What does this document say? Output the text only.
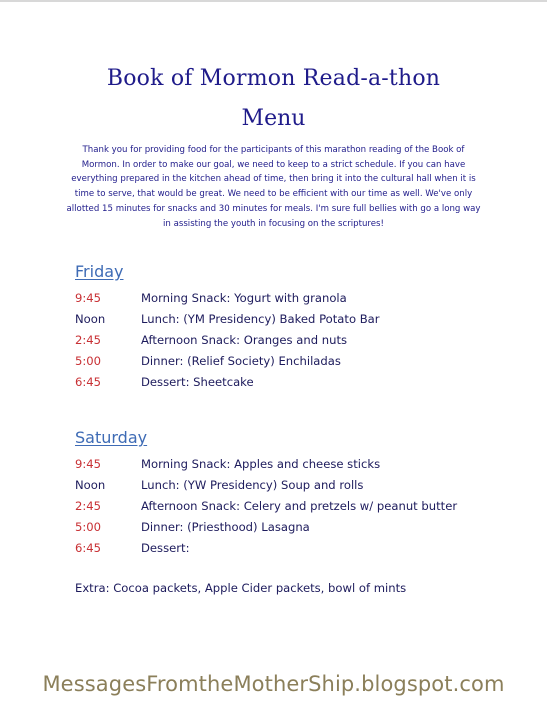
Book of Mormon Read-a-thon
Menu
Thank you for providing food for the participants of this marathon reading of the Book of Mormon. In order to make our goal, we need to keep to a strict schedule. If you can have everything prepared in the kitchen ahead of time, then bring it into the cultural hall when it is time to serve, that would be great. We need to be efficient with our time as well. We've only allotted 15 minutes for snacks and 30 minutes for meals. I'm sure full bellies with go a long way in assisting the youth in focusing on the scriptures!
Friday
9:45	Morning Snack: Yogurt with granola
Noon	Lunch: (YM Presidency) Baked Potato Bar
2:45	Afternoon Snack: Oranges and nuts
5:00	Dinner: (Relief Society) Enchiladas
6:45	Dessert: Sheetcake
Saturday
9:45	Morning Snack: Apples and cheese sticks
Noon	Lunch: (YW Presidency) Soup and rolls
2:45	Afternoon Snack: Celery and pretzels w/ peanut butter
5:00	Dinner: (Priesthood) Lasagna
6:45	Dessert:
Extra: Cocoa packets, Apple Cider packets, bowl of mints
MessagesFromtheMotherShip.blogspot.com
